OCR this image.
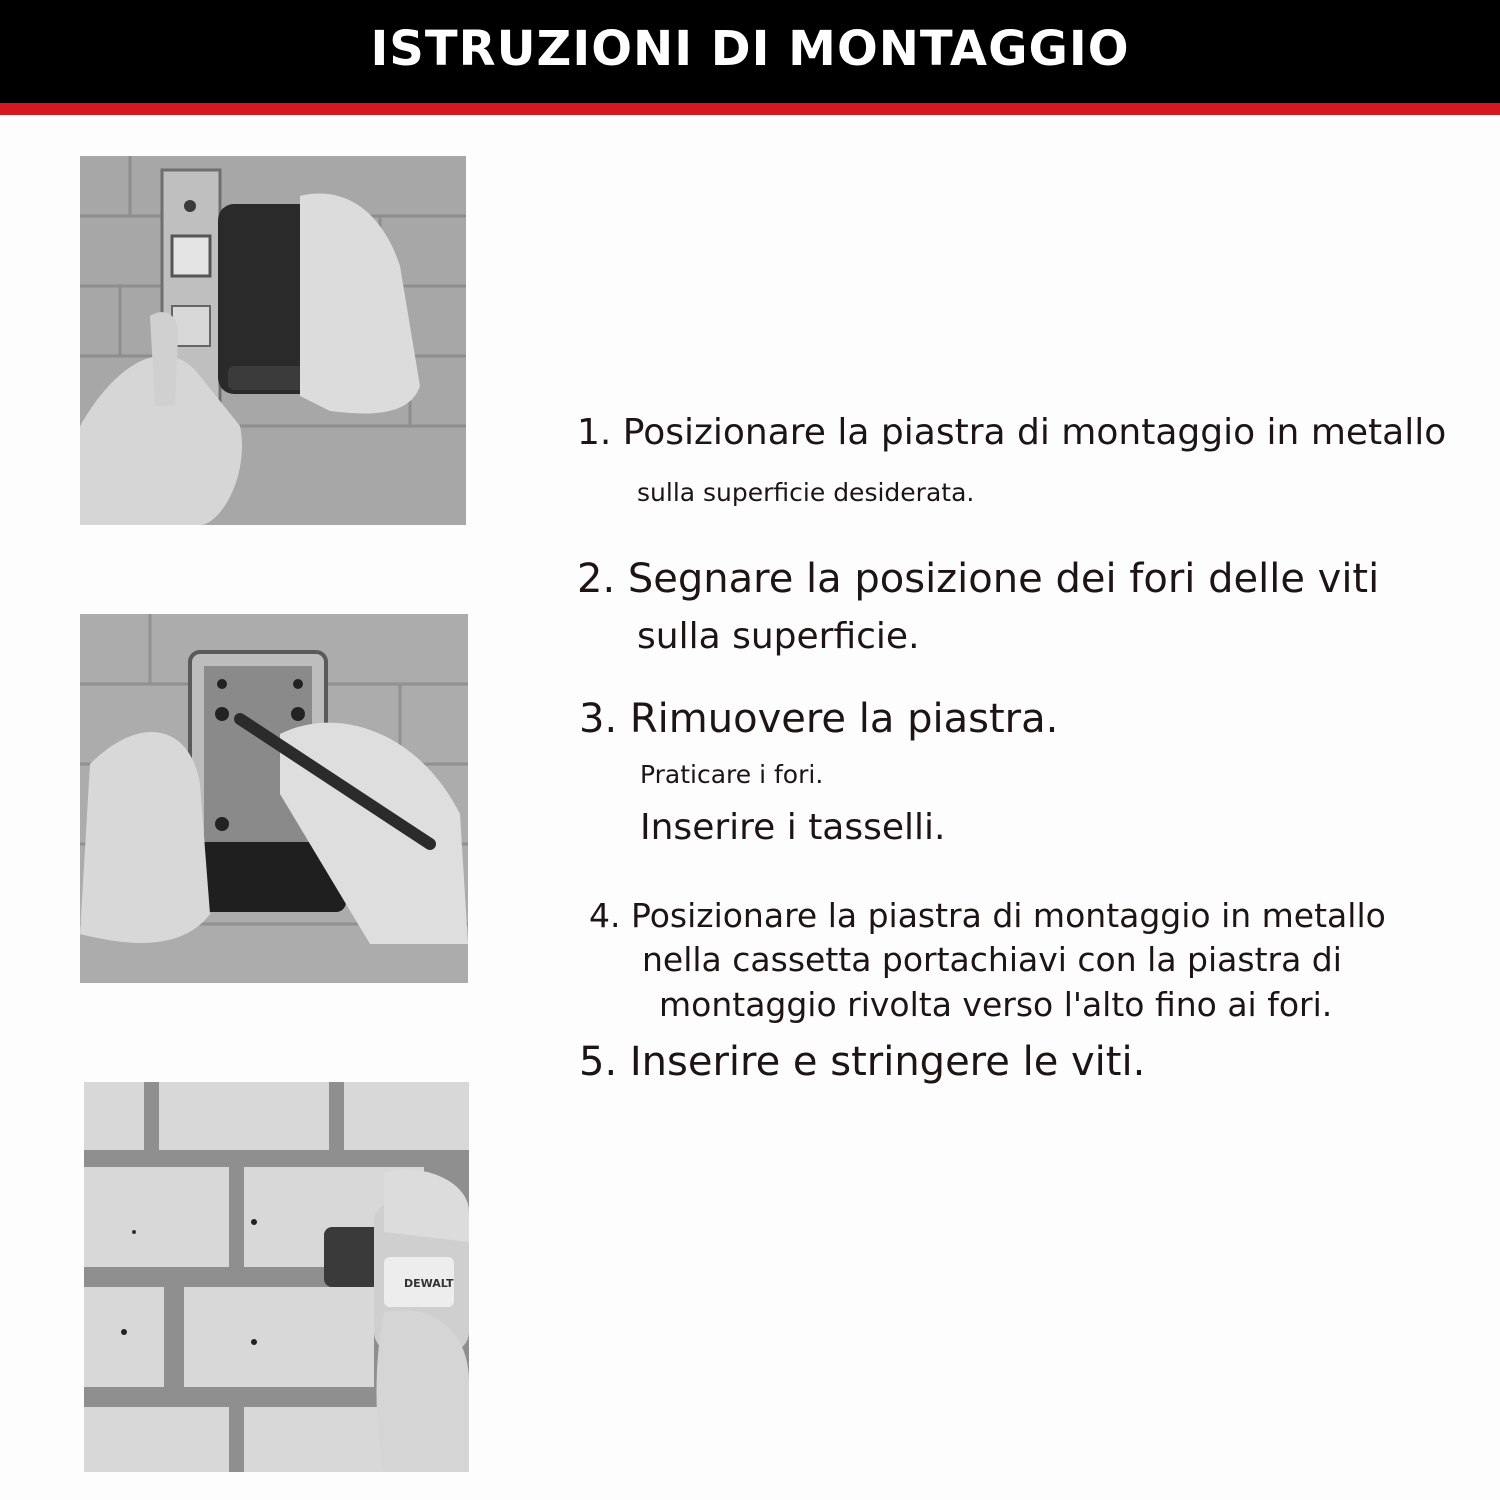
ISTRUZIONI DI MONTAGGIO
DEWALT
1. Posizionare la piastra di montaggio in metallo
sulla superficie desiderata.
2. Segnare la posizione dei fori delle viti
sulla superficie.
3. Rimuovere la piastra.
Praticare i fori.
Inserire i tasselli.
4. Posizionare la piastra di montaggio in metallo
nella cassetta portachiavi con la piastra di
montaggio rivolta verso l'alto fino ai fori.
5. Inserire e stringere le viti.
